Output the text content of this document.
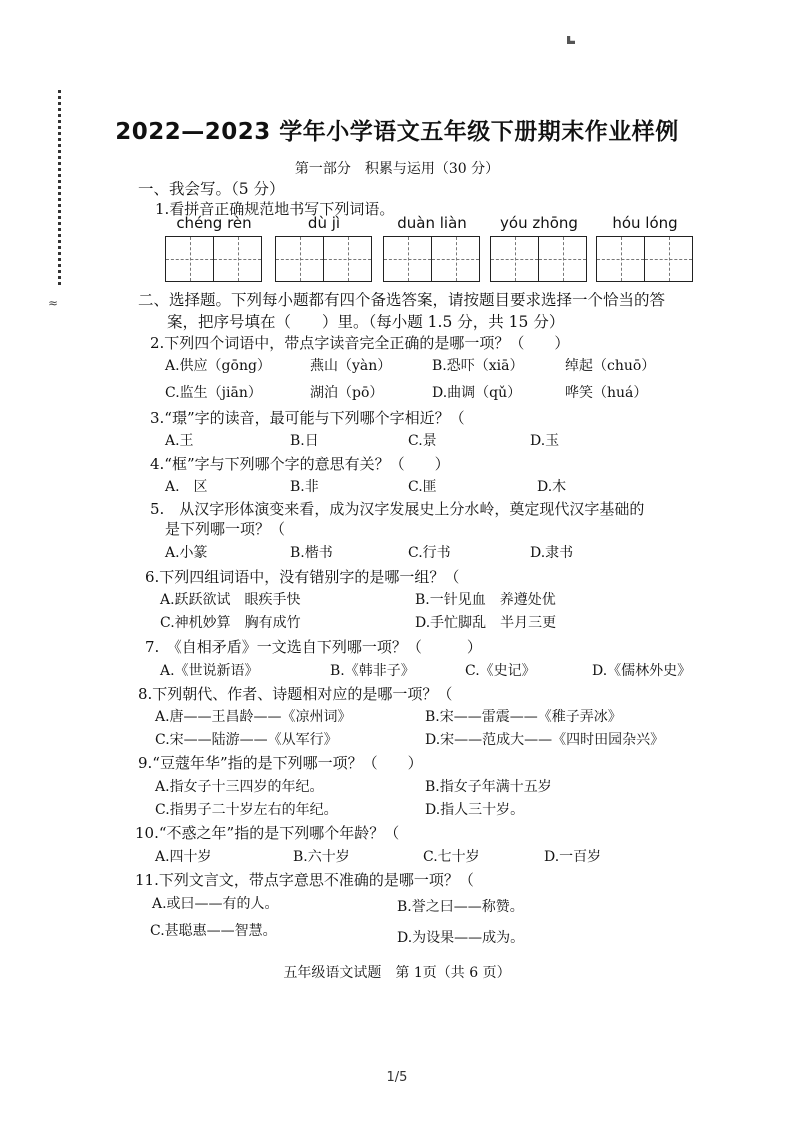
≈
2022—2023 学年小学语文五年级下册期末作业样例
第一部分　积累与运用（30 分）
一、我会写。（5 分）
1.看拼音正确规范地书写下列词语。
chéng rèn	dù jì	duàn liàn	yóu zhōng	hóu lóng
二、选择题。下列每小题都有四个备选答案，请按题目要求选择一个恰当的答
案，把序号填在（　　）里。（每小题 1.5 分，共 15 分）
2.下列四个词语中，带点字读音完全正确的是哪一项？（　　）
A.供应（gōng）	燕山（yàn）	B.恐吓（xiā）	绰起（chuō）
C.监生（jiān）	湖泊（pō）	D.曲调（qǔ）	哗笑（huá）
3.“璟”字的读音，最可能与下列哪个字相近？（
A.王	B.日	C.景	D.玉
4.“框”字与下列哪个字的意思有关？（　　）
A.　区	B.非	C.匪	D.木
5.　从汉字形体演变来看，成为汉字发展史上分水岭，奠定现代汉字基础的
是下列哪一项？（
A.小篆	B.楷书	C.行书	D.隶书
6.下列四组词语中，没有错别字的是哪一组？（
A.跃跃欲试　眼疾手快	B.一针见血　养遵处优
C.神机妙算　胸有成竹	D.手忙脚乱　半月三更
7.　《自相矛盾》一文选自下列哪一项？（　　　）
A.《世说新语》	B.《韩非子》	C.《史记》	D.《儒林外史》
8.下列朝代、作者、诗题相对应的是哪一项？（
A.唐——王昌龄——《凉州词》	B.宋——雷震——《稚子弄冰》
C.宋——陆游——《从军行》	D.宋——范成大——《四时田园杂兴》
9.“豆蔻年华”指的是下列哪一项？（　　）
A.指女子十三四岁的年纪。	B.指女子年满十五岁
C.指男子二十岁左右的年纪。	D.指人三十岁。
10.“不惑之年”指的是下列哪个年龄？（
A.四十岁	B.六十岁	C.七十岁	D.一百岁
11.下列文言文，带点字意思不准确的是哪一项？（
A.或曰——有的人。	B.誉之曰——称赞。
C.甚聪惠——智慧。	D.为设果——成为。
五年级语文试题　第 1页（共 6 页）
1/5
